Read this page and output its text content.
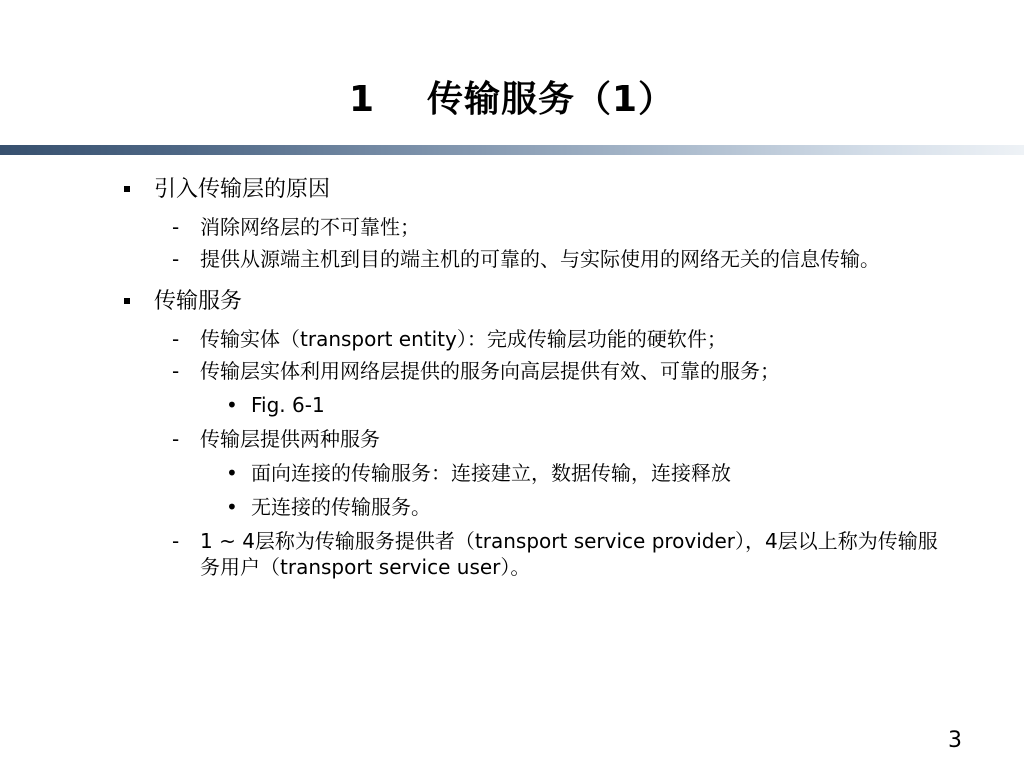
1 传输服务（1）
引入传输层的原因
- 消除网络层的不可靠性；
- 提供从源端主机到目的端主机的可靠的、与实际使用的网络无关的信息传输。
传输服务
- 传输实体（transport entity）：完成传输层功能的硬软件；
- 传输层实体利用网络层提供的服务向高层提供有效、可靠的服务；
• Fig. 6-1
- 传输层提供两种服务
• 面向连接的传输服务：连接建立，数据传输，连接释放
• 无连接的传输服务。
- 1 ~ 4层称为传输服务提供者（transport service provider），4层以上称为传输服务用户（transport service user）。
3
